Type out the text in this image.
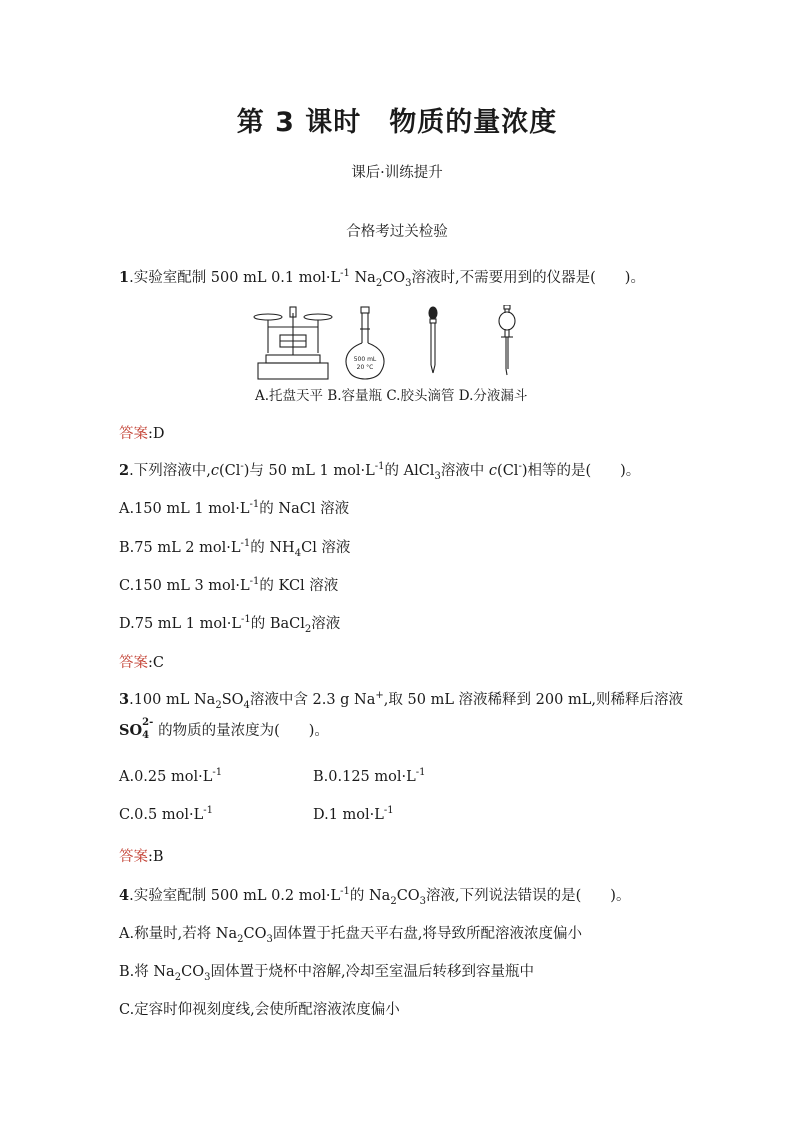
第 3 课时　物质的量浓度
课后·训练提升
合格考过关检验
1.实验室配制 500 mL 0.1 $mol\cdot L^{-1}$ $Na_2CO_3$溶液时,不需要用到的仪器是(　　)。
500 mL
20 °C
A.托盘天平 B.容量瓶 C.胶头滴管 D.分液漏斗
答案:D
2.下列溶液中,c(Cl-)与 50 mL 1 $mol\cdot L^{-1}$的 AlCl$_3$溶液中 c(Cl-)相等的是(　　)。
A.150 mL 1 $mol\cdot L^{-1}$的 NaCl 溶液
B.75 mL 2 $mol\cdot L^{-1}$的 $NH_4Cl$ 溶液
C.150 mL 3 $mol\cdot L^{-1}$的 KCl 溶液
D.75 mL 1 $mol\cdot L^{-1}$的 BaCl$_2$溶液
答案:C
3.100 mL $Na_2SO_4$溶液中含 2.3 g Na+,取 50 mL 溶液稀释到 200 mL,则稀释后溶液
SO 2-
4 的物质的量浓度为(　　)。
A.0.25 $mol\cdot L^{-1}$	B.0.125 $mol\cdot L^{-1}$
C.0.5 $mol\cdot L^{-1}$	D.1 $mol\cdot L^{-1}$
答案:B
4.实验室配制 500 mL 0.2 $mol\cdot L^{-1}$的 $Na_2CO_3$溶液,下列说法错误的是(　　)。
A.称量时,若将 $Na_2CO_3$固体置于托盘天平右盘,将导致所配溶液浓度偏小
B.将 $Na_2CO_3$固体置于烧杯中溶解,冷却至室温后转移到容量瓶中
C.定容时仰视刻度线,会使所配溶液浓度偏小
